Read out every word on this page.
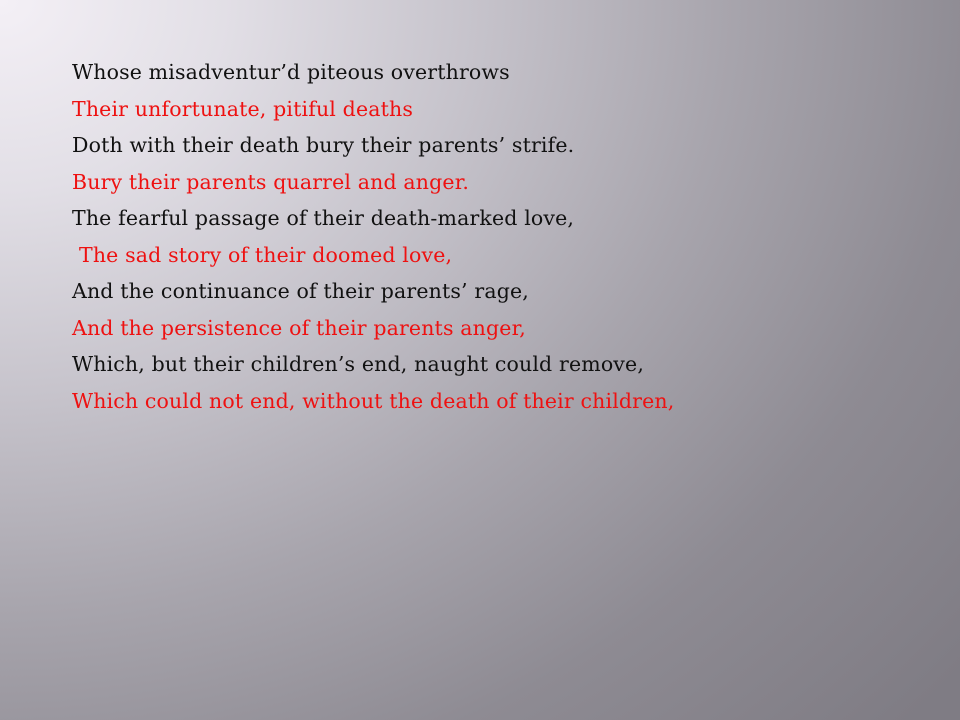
Whose misadventur’d piteous overthrows
Their unfortunate, pitiful deaths
Doth with their death bury their parents’ strife.
Bury their parents quarrel and anger.
The fearful passage of their death-marked love,
The sad story of their doomed love,
And the continuance of their parents’ rage,
And the persistence of their parents anger,
Which, but their children’s end, naught could remove,
Which could not end, without the death of their children,
